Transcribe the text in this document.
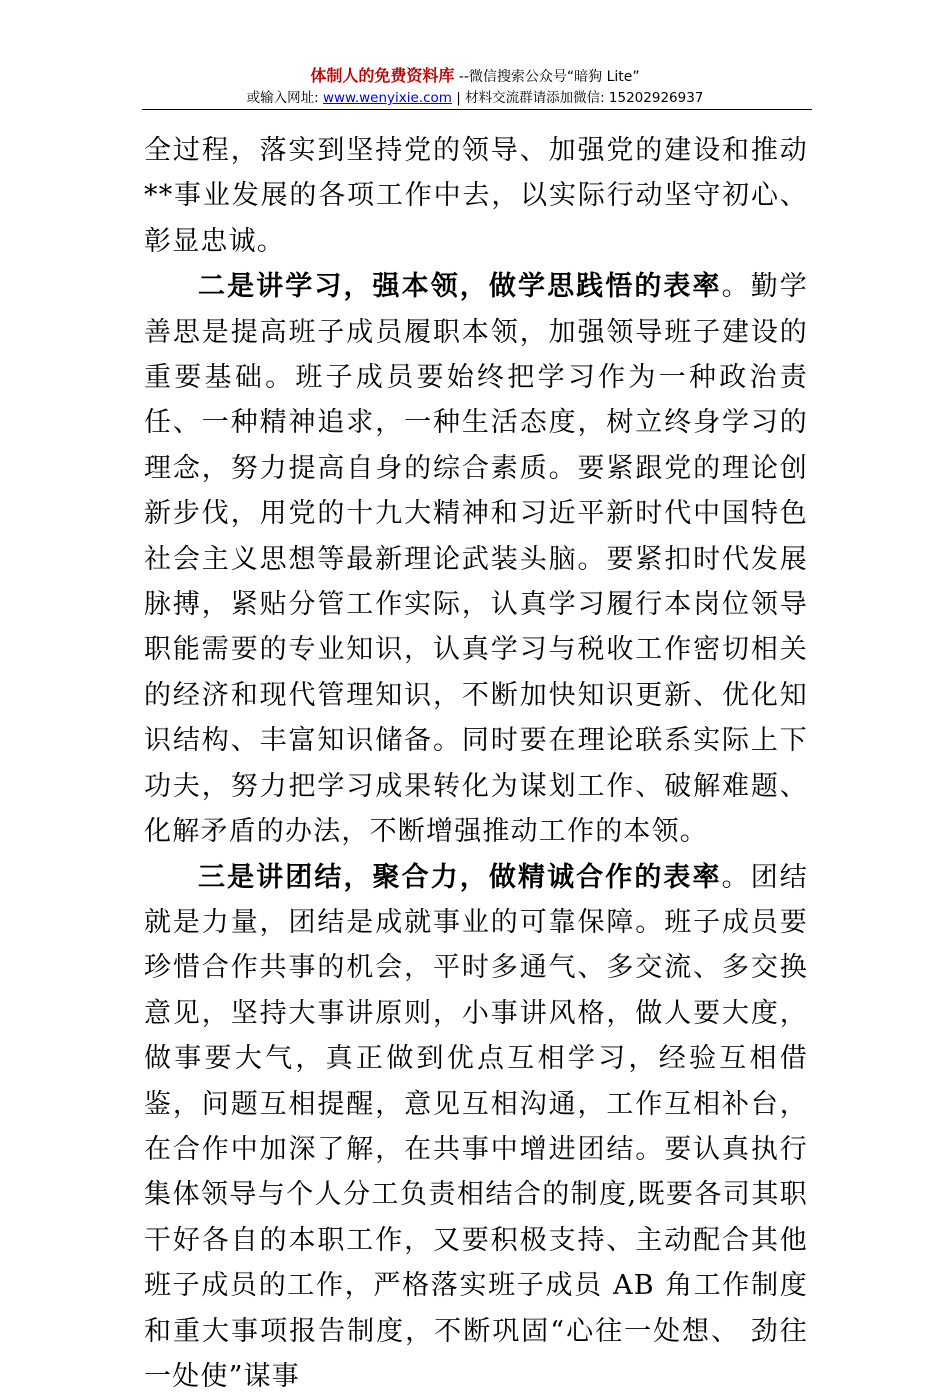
体制人的免费资料库 --微信搜索公众号“暗狗 Lite”
或输入网址: www.wenyixie.com | 材料交流群请添加微信: 15202926937

全过程，落实到坚持党的领导、加强党的建设和推动**事业发展的各项工作中去，以实际行动坚守初心、彰显忠诚。

二是讲学习，强本领，做学思践悟的表率。勤学善思是提高班子成员履职本领，加强领导班子建设的重要基础。班子成员要始终把学习作为一种政治责任、一种精神追求，一种生活态度，树立终身学习的理念，努力提高自身的综合素质。要紧跟党的理论创新步伐，用党的十九大精神和习近平新时代中国特色社会主义思想等最新理论武装头脑。要紧扣时代发展脉搏，紧贴分管工作实际，认真学习履行本岗位领导职能需要的专业知识，认真学习与税收工作密切相关的经济和现代管理知识，不断加快知识更新、优化知识结构、丰富知识储备。同时要在理论联系实际上下功夫，努力把学习成果转化为谋划工作、破解难题、化解矛盾的办法，不断增强推动工作的本领。

三是讲团结，聚合力，做精诚合作的表率。团结就是力量，团结是成就事业的可靠保障。班子成员要珍惜合作共事的机会，平时多通气、多交流、多交换意见，坚持大事讲原则，小事讲风格，做人要大度，做事要大气，真正做到优点互相学习，经验互相借鉴，问题互相提醒，意见互相沟通，工作互相补台，在合作中加深了解，在共事中增进团结。要认真执行集体领导与个人分工负责相结合的制度,既要各司其职干好各自的本职工作，又要积极支持、主动配合其他班子成员的工作，严格落实班子成员 AB 角工作制度和重大事项报告制度，不断巩固“心往一处想、 劲往一处使”谋事
